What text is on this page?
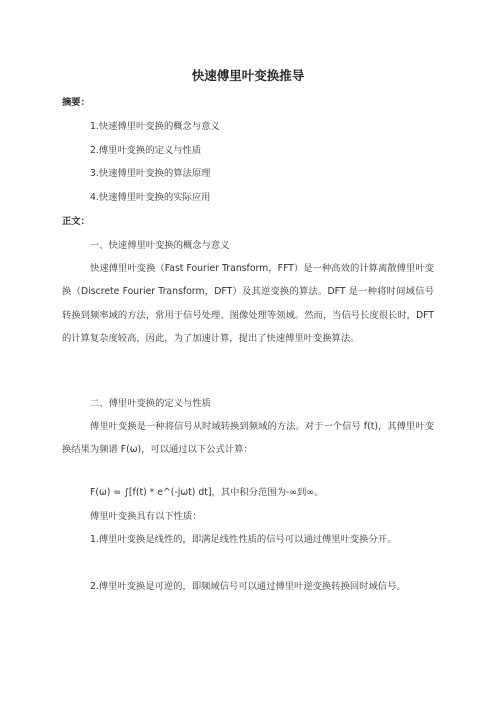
快速傅里叶变换推导

摘要：

1.快速傅里叶变换的概念与意义

2.傅里叶变换的定义与性质

3.快速傅里叶变换的算法原理

4.快速傅里叶变换的实际应用

正文：

一、快速傅里叶变换的概念与意义

快速傅里叶变换（Fast Fourier Transform，FFT）是一种高效的计算离散傅里叶变换（Discrete Fourier Transform，DFT）及其逆变换的算法。DFT 是一种将时间域信号转换到频率域的方法，常用于信号处理、图像处理等领域。然而，当信号长度很长时，DFT 的计算复杂度较高，因此，为了加速计算，提出了快速傅里叶变换算法。

二、傅里叶变换的定义与性质

傅里叶变换是一种将信号从时域转换到频域的方法。对于一个信号 f(t)，其傅里叶变换结果为频谱 F(ω)，可以通过以下公式计算：

F(ω) = ∫[f(t) * e^(-jωt) dt]，其中积分范围为-∞到∞。

傅里叶变换具有以下性质：

1.傅里叶变换是线性的，即满足线性性质的信号可以通过傅里叶变换分开。

2.傅里叶变换是可逆的，即频域信号可以通过傅里叶逆变换转换回时域信号。
